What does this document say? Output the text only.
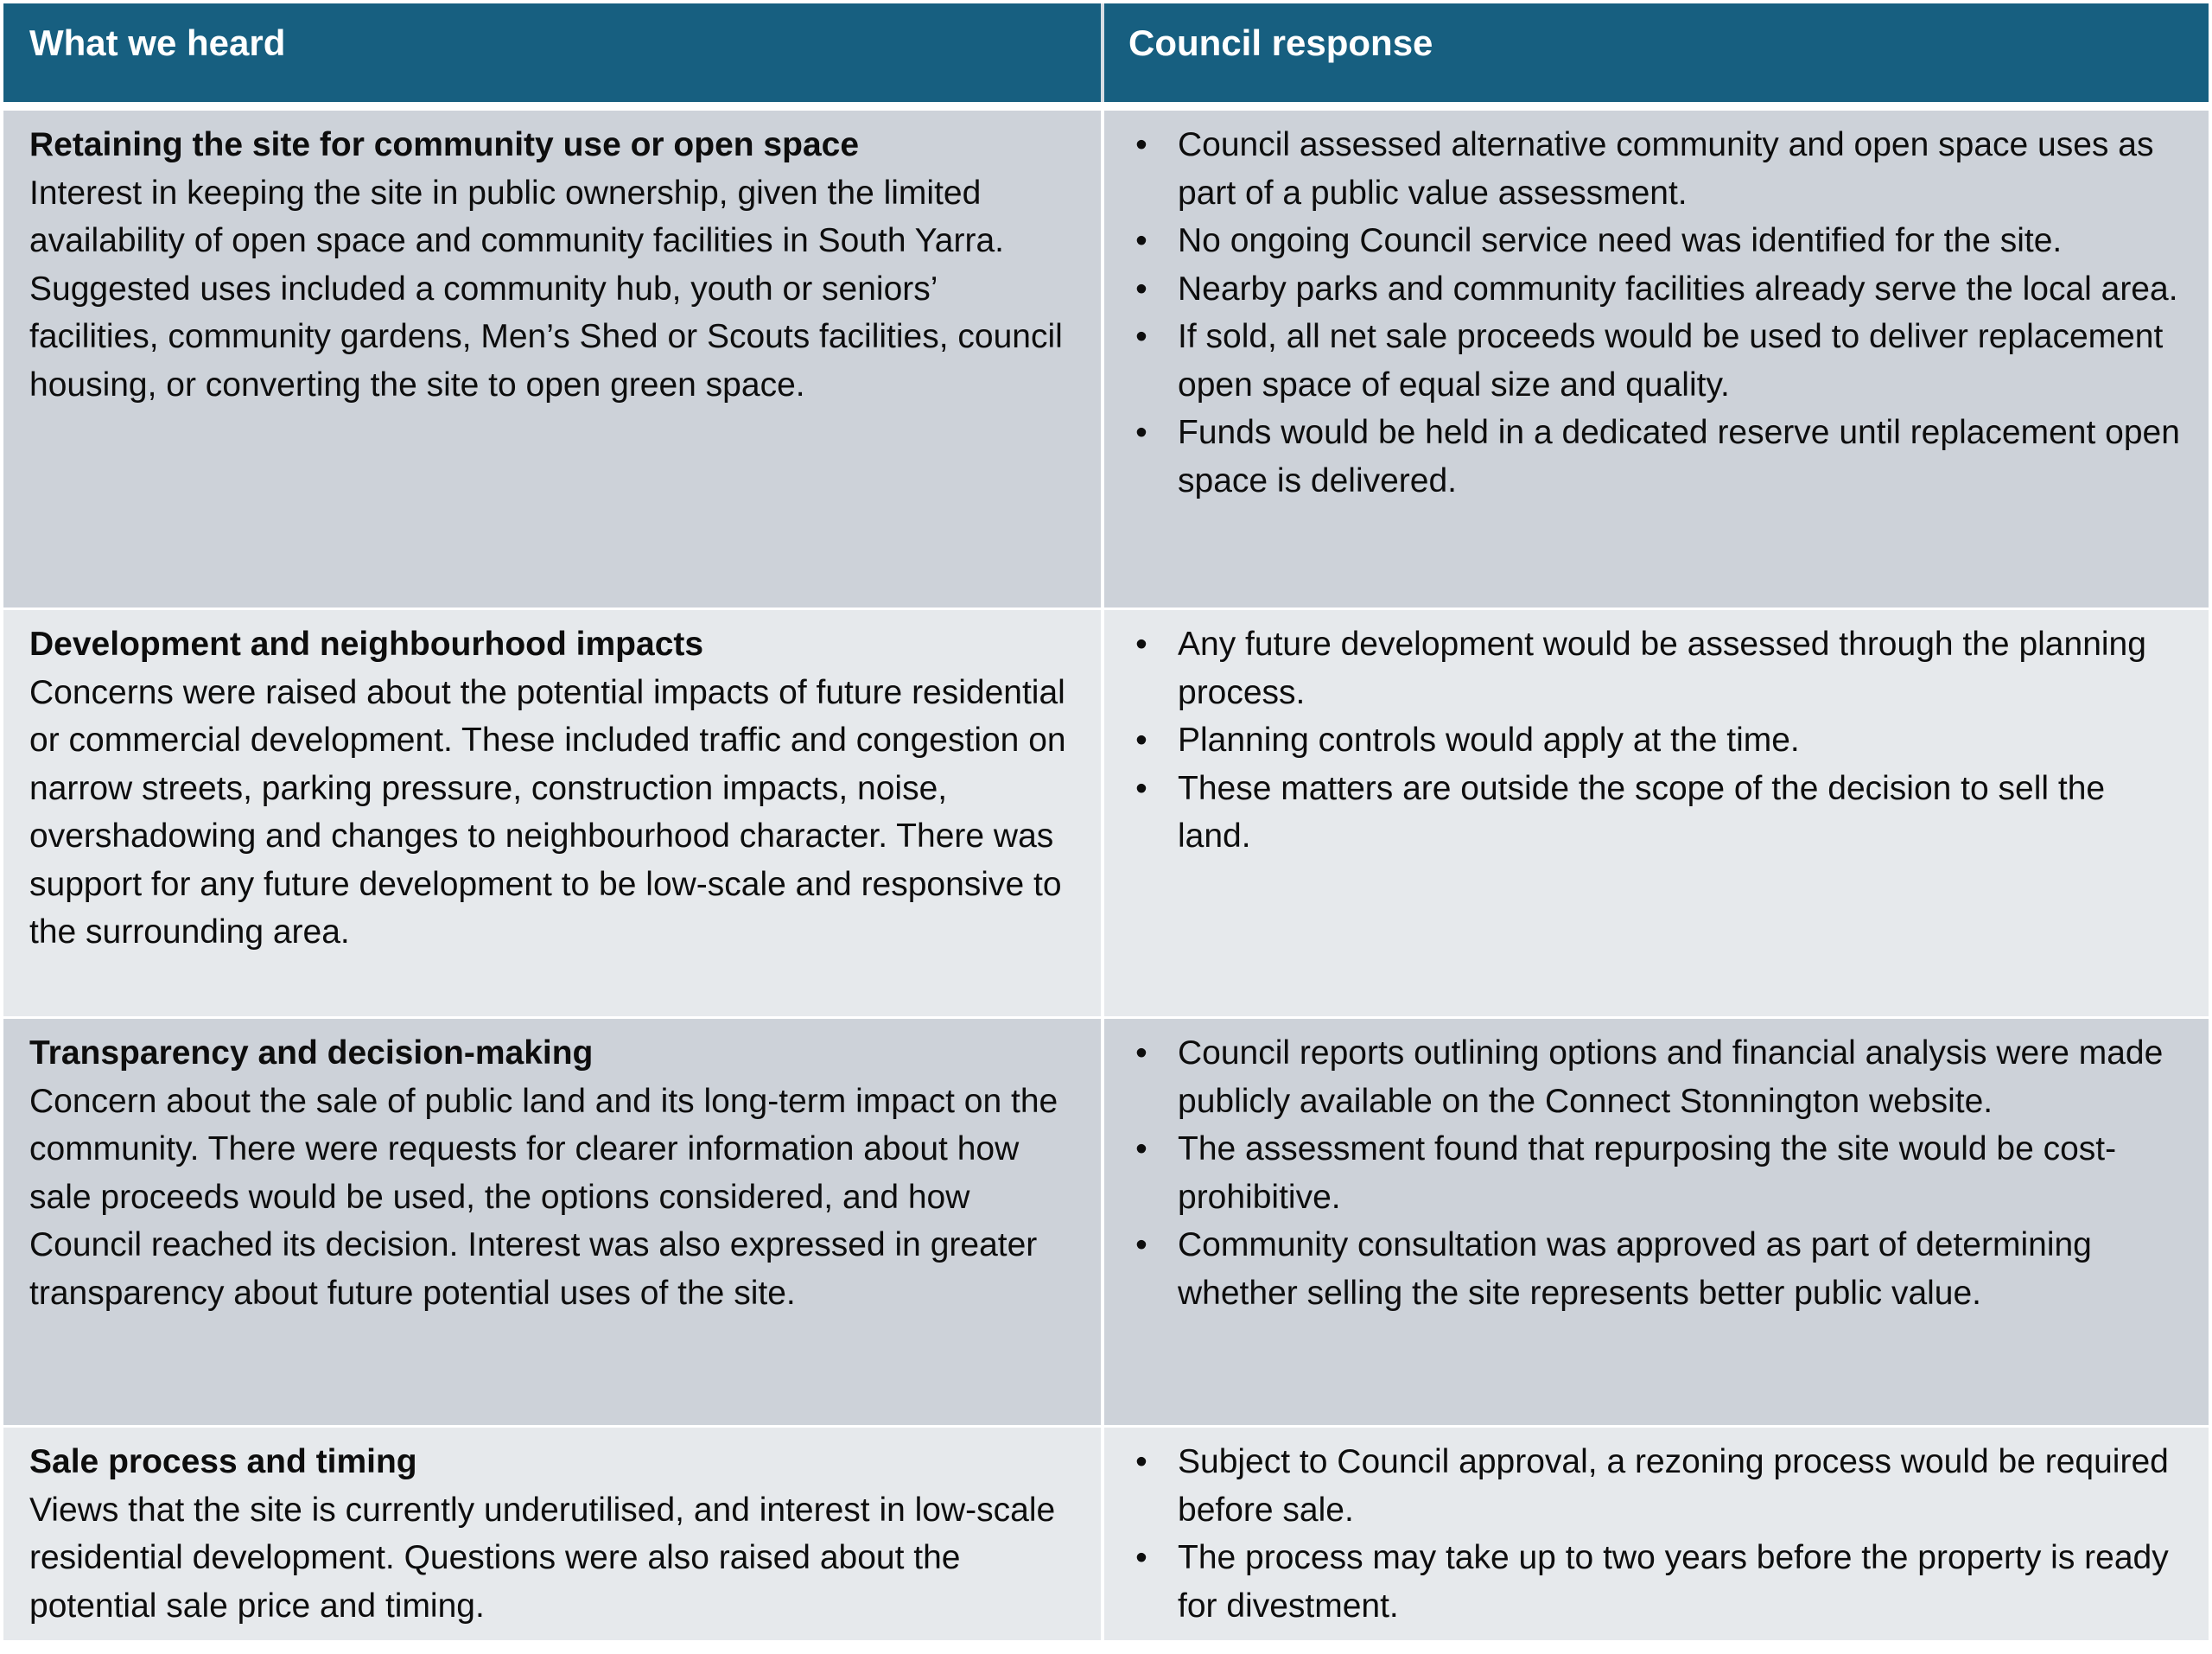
What we heard	Council response
Retaining the site for community use or open space
Interest in keeping the site in public ownership, given the limited availability of open space and community facilities in South Yarra. Suggested uses included a community hub, youth or seniors’ facilities, community gardens, Men’s Shed or Scouts facilities, council housing, or converting the site to open green space.
• Council assessed alternative community and open space uses as part of a public value assessment.
• No ongoing Council service need was identified for the site.
• Nearby parks and community facilities already serve the local area.
• If sold, all net sale proceeds would be used to deliver replacement open space of equal size and quality.
• Funds would be held in a dedicated reserve until replacement open space is delivered.
Development and neighbourhood impacts
Concerns were raised about the potential impacts of future residential or commercial development. These included traffic and congestion on narrow streets, parking pressure, construction impacts, noise, overshadowing and changes to neighbourhood character. There was support for any future development to be low-scale and responsive to the surrounding area.
• Any future development would be assessed through the planning process.
• Planning controls would apply at the time.
• These matters are outside the scope of the decision to sell the land.
Transparency and decision-making
Concern about the sale of public land and its long-term impact on the community. There were requests for clearer information about how sale proceeds would be used, the options considered, and how Council reached its decision. Interest was also expressed in greater transparency about future potential uses of the site.
• Council reports outlining options and financial analysis were made publicly available on the Connect Stonnington website.
• The assessment found that repurposing the site would be cost-prohibitive.
• Community consultation was approved as part of determining whether selling the site represents better public value.
Sale process and timing
Views that the site is currently underutilised, and interest in low-scale residential development. Questions were also raised about the potential sale price and timing.
• Subject to Council approval, a rezoning process would be required before sale.
• The process may take up to two years before the property is ready for divestment.
